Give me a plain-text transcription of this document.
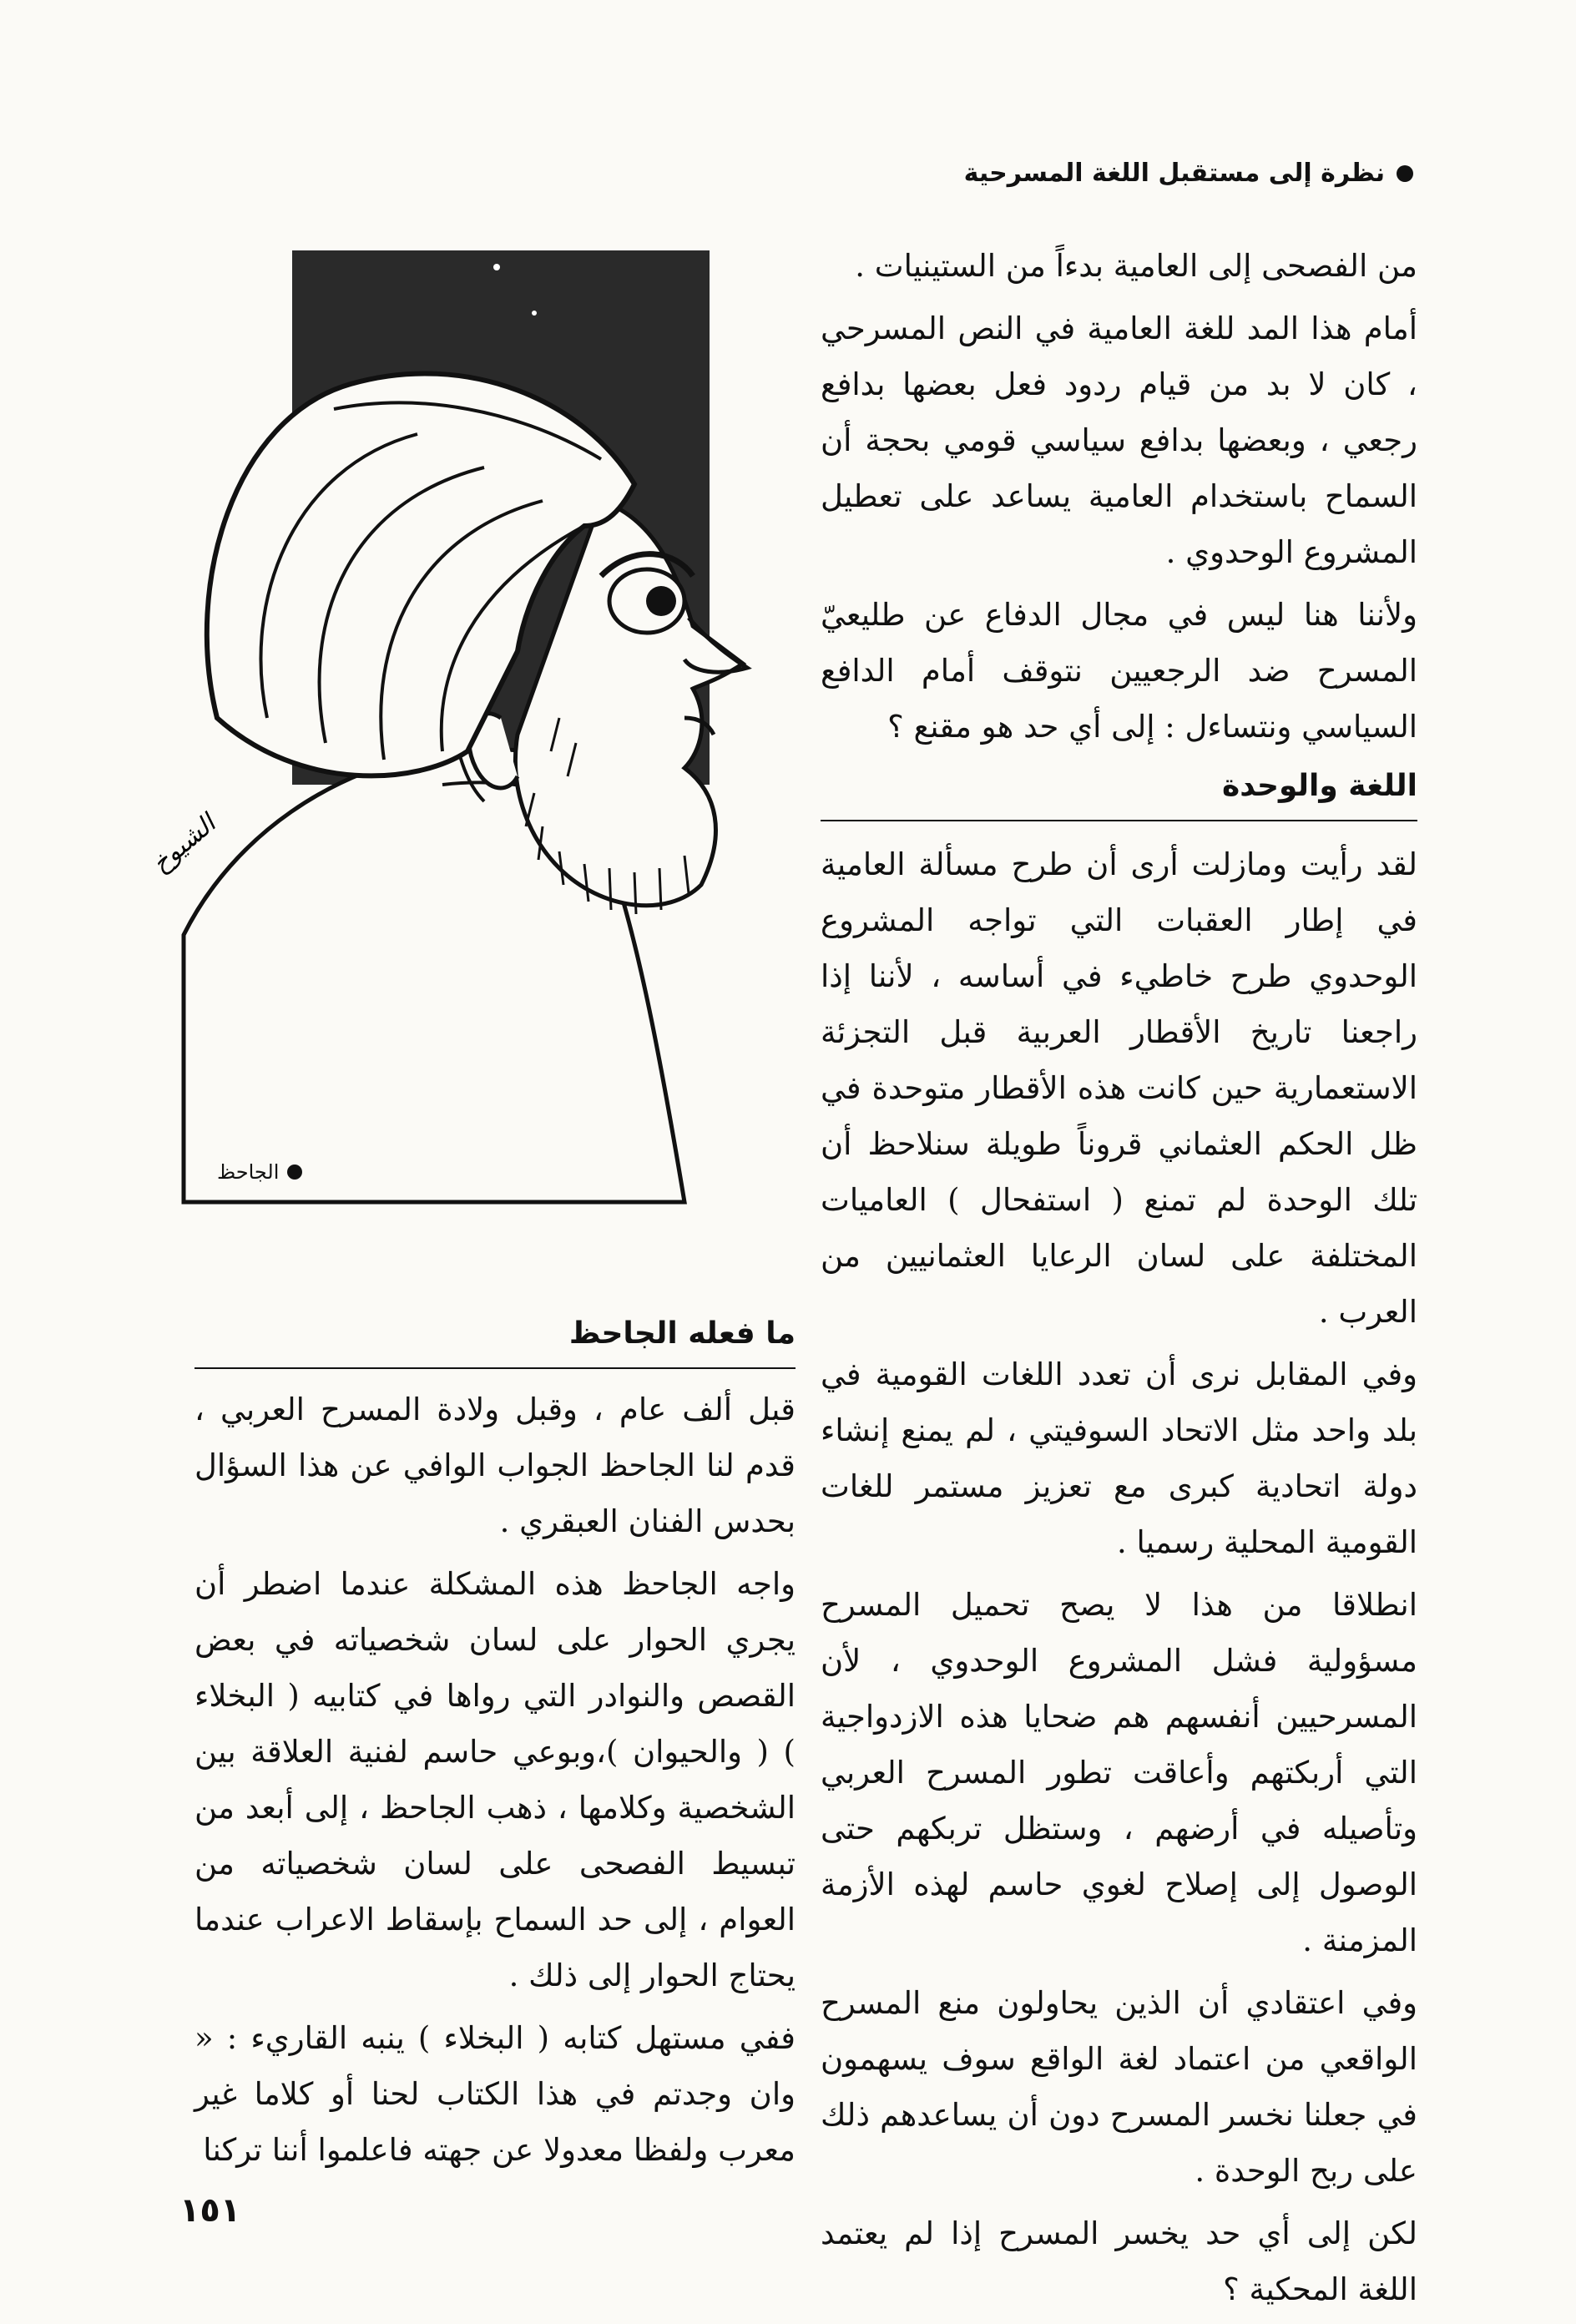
نظرة إلى مستقبل اللغة المسرحية

من الفصحى إلى العامية بدءاً من الستينيات .

أمام هذا المد للغة العامية في النص المسرحي ، كان لا بد من قيام ردود فعل بعضها بدافع رجعي ، وبعضها بدافع سياسي قومي بحجة أن السماح باستخدام العامية يساعد على تعطيل المشروع الوحدوي .

ولأننا هنا ليس في مجال الدفاع عن طليعيّ المسرح ضد الرجعيين نتوقف أمام الدافع السياسي ونتساءل : إلى أي حد هو مقنع ؟

اللغة والوحدة

لقد رأيت ومازلت أرى أن طرح مسألة العامية في إطار العقبات التي تواجه المشروع الوحدوي طرح خاطيء في أساسه ، لأننا إذا راجعنا تاريخ الأقطار العربية قبل التجزئة الاستعمارية حين كانت هذه الأقطار متوحدة في ظل الحكم العثماني قروناً طويلة سنلاحظ أن تلك الوحدة لم تمنع ( استفحال ) العاميات المختلفة على لسان الرعايا العثمانيين من العرب .

وفي المقابل نرى أن تعدد اللغات القومية في بلد واحد مثل الاتحاد السوفيتي ، لم يمنع إنشاء دولة اتحادية كبرى مع تعزيز مستمر للغات القومية المحلية رسميا .

انطلاقا من هذا لا يصح تحميل المسرح مسؤولية فشل المشروع الوحدوي ، لأن المسرحيين أنفسهم هم ضحايا هذه الازدواجية التي أربكتهم وأعاقت تطور المسرح العربي وتأصيله في أرضهم ، وستظل تربكهم حتى الوصول إلى إصلاح لغوي حاسم لهذه الأزمة المزمنة .

وفي اعتقادي أن الذين يحاولون منع المسرح الواقعي من اعتماد لغة الواقع سوف يسهمون في جعلنا نخسر المسرح دون أن يساعدهم ذلك على ربح الوحدة .

لكن إلى أي حد يخسر المسرح إذا لم يعتمد اللغة المحكية ؟

الشيوخ
الجاحظ
ما فعله الجاحظ

قبل ألف عام ، وقبل ولادة المسرح العربي ، قدم لنا الجاحظ الجواب الوافي عن هذا السؤال بحدس الفنان العبقري .

واجه الجاحظ هذه المشكلة عندما اضطر أن يجري الحوار على لسان شخصياته في بعض القصص والنوادر التي رواها في كتابيه ( البخلاء ) ( والحيوان )،وبوعي حاسم لفنية العلاقة بين الشخصية وكلامها ، ذهب الجاحظ ، إلى أبعد من تبسيط الفصحى على لسان شخصياته من العوام ، إلى حد السماح بإسقاط الاعراب عندما يحتاج الحوار إلى ذلك .

ففي مستهل كتابه ( البخلاء ) ينبه القاريء : « وان وجدتم في هذا الكتاب لحنا أو كلاما غير معرب ولفظا معدولا عن جهته فاعلموا أننا تركنا

١٥١
